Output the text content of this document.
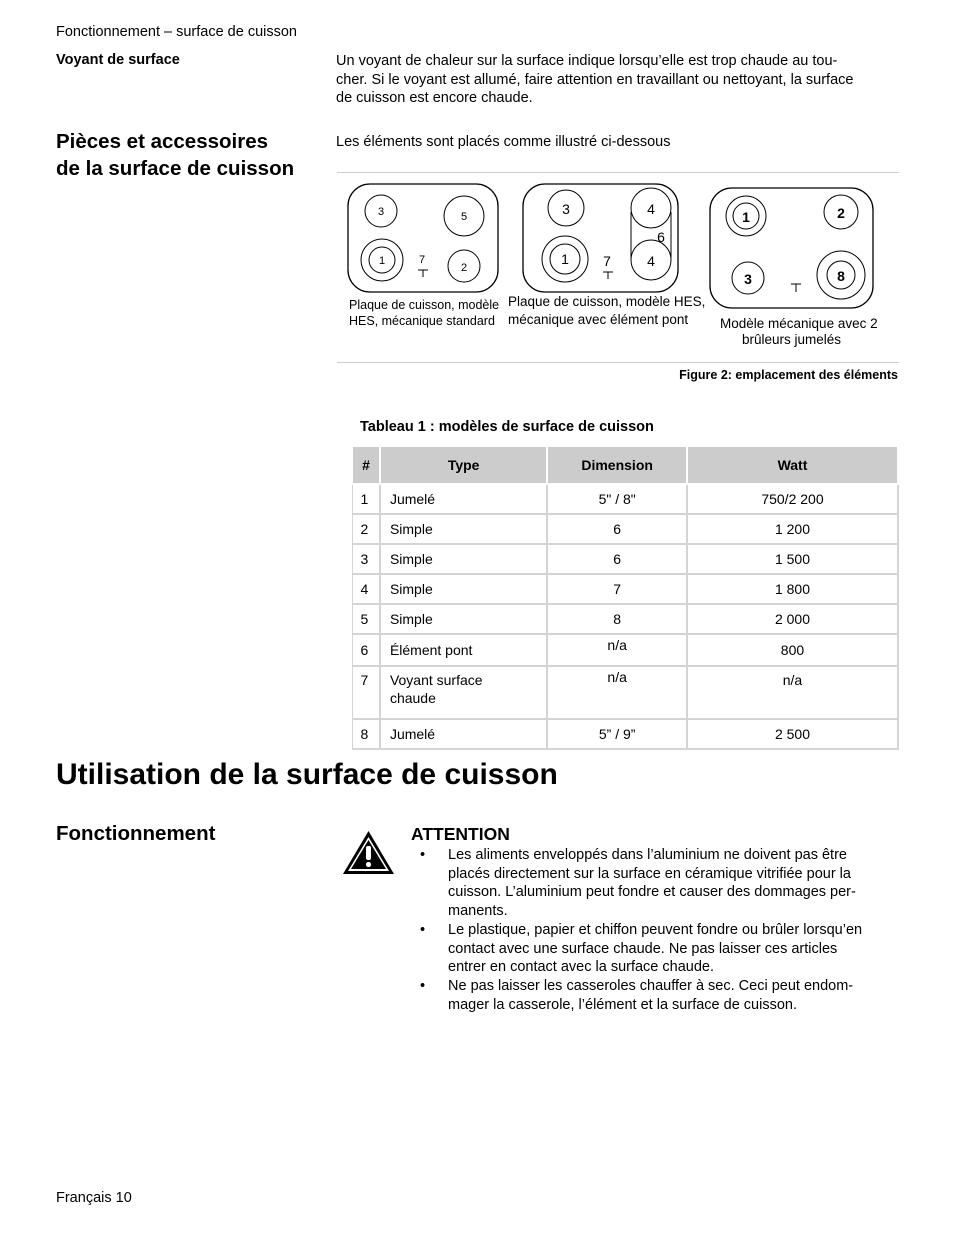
Fonctionnement – surface de cuisson
Voyant de surface	Un voyant de chaleur sur la surface indique lorsqu’elle est trop chaude au tou-
cher. Si le voyant est allumé, faire attention en travaillant ou nettoyant, la surface
de cuisson est encore chaude.
Pièces et accessoires
de la surface de cuisson
Les éléments sont placés comme illustré ci-dessous
3	5
1	7
2
Plaque de cuisson, modèle
HES, mécanique standard
3	4
6
1 7	4
Plaque de cuisson, modèle HES,
mécanique avec élément pont
1	2
3	8
Modèle mécanique avec 2
brûleurs jumelés
Figure 2: emplacement des éléments
Tableau 1 : modèles de surface de cuisson
#	Type	Dimension	Watt
1	Jumelé	5" / 8"	750/2 200
2	Simple	6	1 200
3	Simple	6	1 500
4	Simple	7	1 800
5	Simple	8	2 000
6	Élément pont	n/a	800
7	Voyant surface
chaude	n/a	n/a
8	Jumelé	5” / 9”	2 500
Utilisation de la surface de cuisson
Fonctionnement	ATTENTION
•	Les aliments enveloppés dans l’aluminium ne doivent pas être
placés directement sur la surface en céramique vitrifiée pour la
cuisson. L’aluminium peut fondre et causer des dommages per-
manents.
•	Le plastique, papier et chiffon peuvent fondre ou brûler lorsqu’en
contact avec une surface chaude. Ne pas laisser ces articles
entrer en contact avec la surface chaude.
•	Ne pas laisser les casseroles chauffer à sec. Ceci peut endom-
mager la casserole, l’élément et la surface de cuisson.
Français 10
